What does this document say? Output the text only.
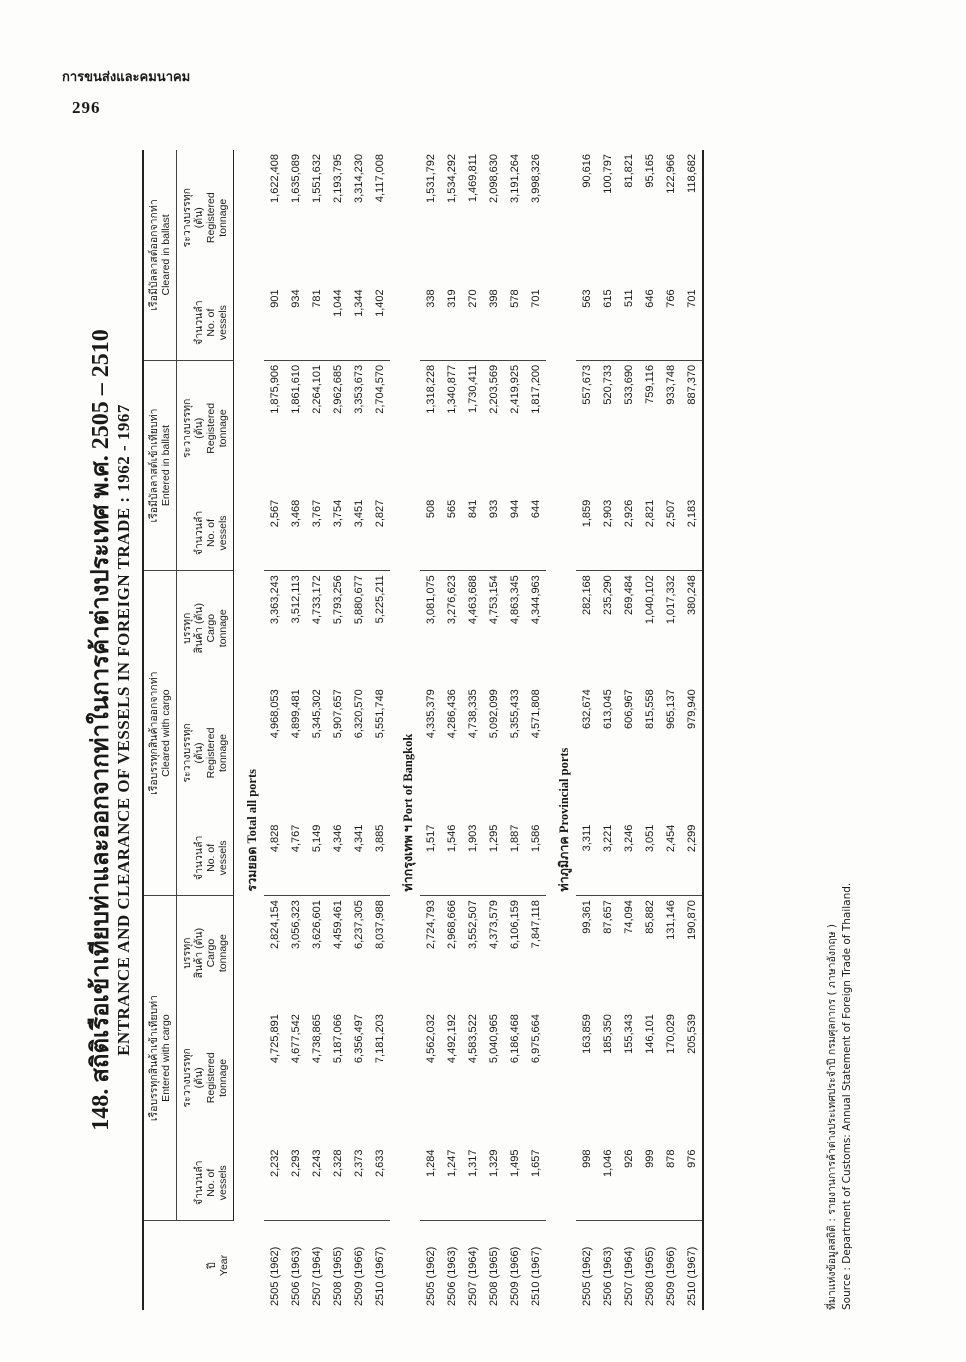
การขนส่งและคมนาคม
296
148. สถิติเรือเข้าเทียบท่าและออกจากท่าในการค้าต่างประเทศ พ.ศ. 2505 – 2510 ENTRANCE AND CLEARANCE OF VESSELS IN FOREIGN TRADE : 1962 - 1967
ปี Year	เรือบรรทุกสินค้าเข้าเทียบท่า Entered with cargo			เรือบรรทุกสินค้าออกจากท่า Cleared with cargo			เรือมีบัลลาสต์เข้าเทียบท่า Entered in ballast		เรือมีบัลลาสต์ออกจากท่า Cleared in ballast	

	จำนวนลำ No. of vessels	ระวางบรรทุก (ตัน) Registered tonnage	บรรทุก สินค้า (ตัน) Cargo tonnage	จำนวนลำ No. of vessels	ระวางบรรทุก (ตัน) Registered tonnage	บรรทุก สินค้า (ตัน) Cargo tonnage	จำนวนลำ No. of vessels	ระวางบรรทุก (ตัน) Registered tonnage	จำนวนลำ No. of vessels	ระวางบรรทุก (ตัน) Registered tonnage

				รวมยอด Total all ports						
2505 (1962)	2,232	4,725,891	2,824,154	4,828	4,968,053	3,363,243	2,567	1,875,906	901	1,622,408
2506 (1963)	2,293	4,677,542	3,056,323	4,767	4,899,481	3,512,113	3,468	1,861,610	934	1,635,089
2507 (1964)	2,243	4,738,865	3,626,601	5,149	5,345,302	4,733,172	3,767	2,264,101	781	1,551,632
2508 (1965)	2,328	5,187,066	4,459,461	4,346	5,907,657	5,793,256	3,754	2,962,685	1,044	2,193,795
2509 (1966)	2,373	6,356,497	6,237,305	4,341	6,320,570	5,880,677	3,451	3,353,673	1,344	3,314,230
2510 (1967)	2,633	7,181,203	8,037,988	3,885	5,551,748	5,225,211	2,827	2,704,570	1,402	4,117,008
				ท่ากรุงเทพ ฯ Port of Bangkok						
2505 (1962)	1,284	4,562,032	2,724,793	1,517	4,335,379	3,081,075	508	1,318,228	338	1,531,792
2506 (1963)	1,247	4,492,192	2,968,666	1,546	4,286,436	3,276,623	565	1,340,877	319	1,534,292
2507 (1964)	1,317	4,583,522	3,552,507	1,903	4,738,335	4,463,688	841	1,730,411	270	1,469,811
2508 (1965)	1,329	5,040,965	4,373,579	1,295	5,092,099	4,753,154	933	2,203,569	398	2,098,630
2509 (1966)	1,495	6,186,468	6,106,159	1,887	5,355,433	4,863,345	944	2,419,925	578	3,191,264
2510 (1967)	1,657	6,975,664	7,847,118	1,586	4,571,808	4,344,963	644	1,817,200	701	3,998,326
				ท่าภูมิภาค Provincial ports						
2505 (1962)	998	163,859	99,361	3,311	632,674	282,168	1,859	557,673	563	90,616
2506 (1963)	1,046	185,350	87,657	3,221	613,045	235,290	2,903	520,733	615	100,797
2507 (1964)	926	155,343	74,094	3,246	606,967	269,484	2,926	533,690	511	81,821
2508 (1965)	999	146,101	85,882	3,051	815,558	1,040,102	2,821	759,116	646	95,165
2509 (1966)	878	170,029	131,146	2,454	965,137	1,017,332	2,507	933,748	766	122,966
2510 (1967)	976	205,539	190,870	2,299	979,940	380,248	2,183	887,370	701	118,682
ที่มาแห่งข้อมูลสถิติ : รายงานการค้าต่างประเทศประจำปี กรมศุลกากร ( ภาษาอังกฤษ ) Source : Department of Customs: Annual Statement of Foreign Trade of Thailand.
